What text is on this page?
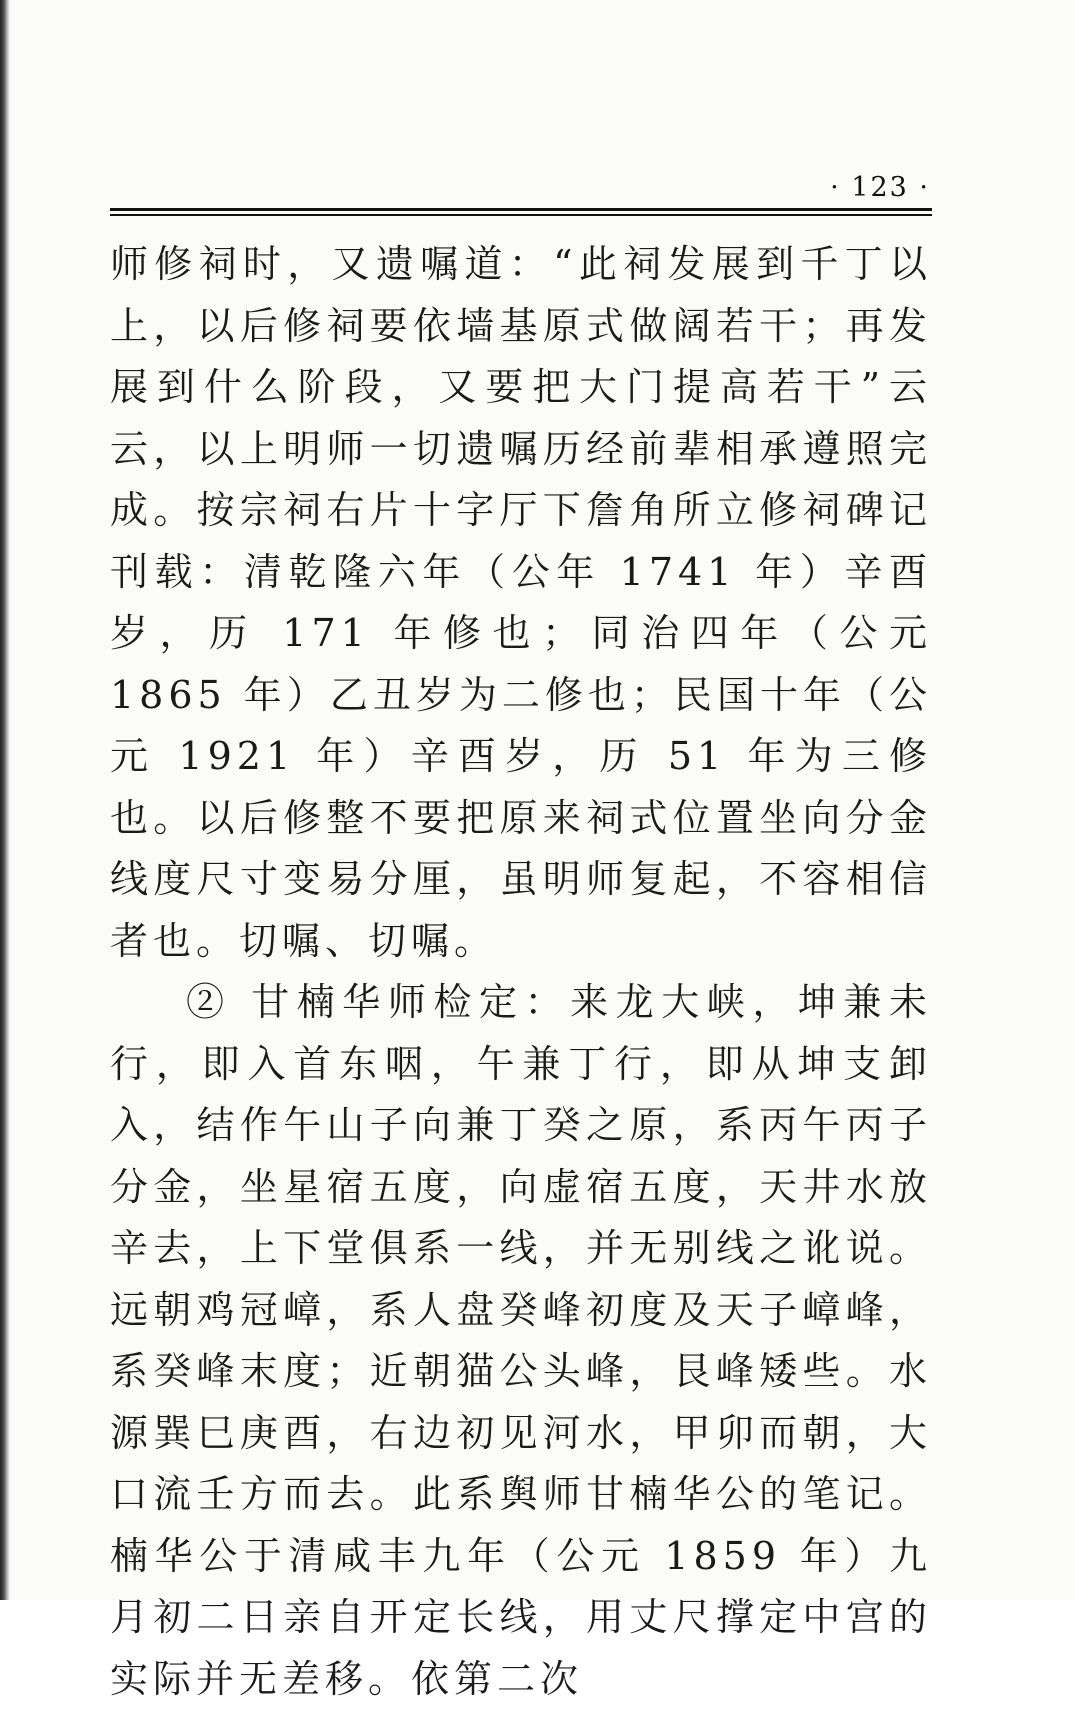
· 123 ·

师修祠时，又遗嘱道：“此祠发展到千丁以上，以后修祠要依墙基原式做阔若干；再发展到什么阶段，又要把大门提高若干”云云，以上明师一切遗嘱历经前辈相承遵照完成。按宗祠右片十字厅下詹角所立修祠碑记刊载：清乾隆六年（公年 1741 年）辛酉岁，历 171 年修也；同治四年（公元 1865 年）乙丑岁为二修也；民国十年（公元 1921 年）辛酉岁，历 51 年为三修也。以后修整不要把原来祠式位置坐向分金线度尺寸变易分厘，虽明师复起，不容相信者也。切嘱、切嘱。

② 甘楠华师检定：来龙大峡，坤兼未行，即入首东咽，午兼丁行，即从坤支卸入，结作午山子向兼丁癸之原，系丙午丙子分金，坐星宿五度，向虚宿五度，天井水放辛去，上下堂俱系一线，并无别线之讹说。远朝鸡冠嶂，系人盘癸峰初度及天子嶂峰，系癸峰末度；近朝猫公头峰，艮峰矮些。水源巽巳庚酉，右边初见河水，甲卯而朝，大口流壬方而去。此系舆师甘楠华公的笔记。楠华公于清咸丰九年（公元 1859 年）九月初二日亲自开定长线，用丈尺撑定中宫的实际并无差移。依第二次
